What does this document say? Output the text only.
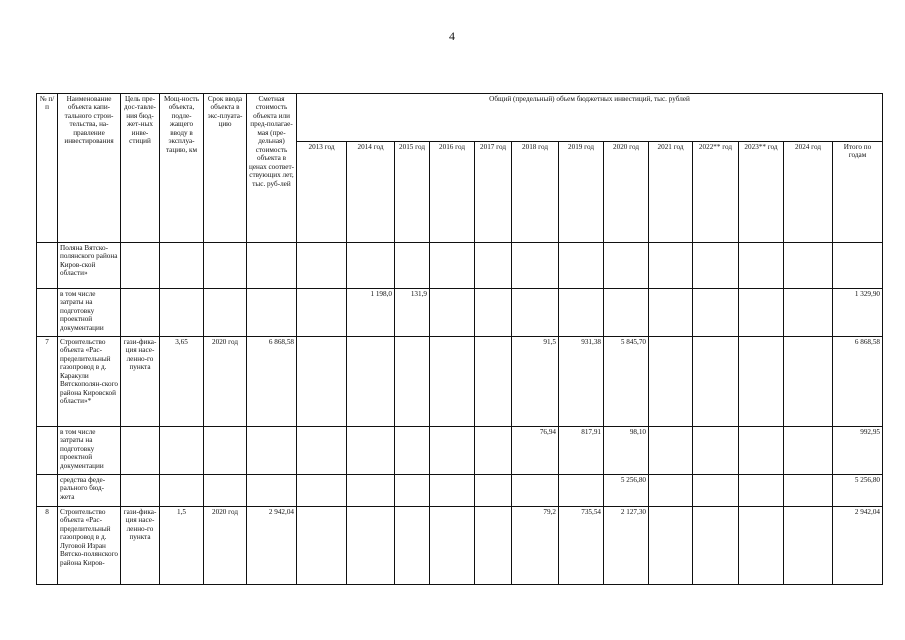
4
№ п/п	Наименование объекта капи-тального строи-тельства, на-правление инвестирования	Цель пре-дос-тавле-ния бюд-жет-ных инве-стиций	Мощ-ность объекта, подле-жащего вводу в эксплуа-тацию, км	Срок ввода объекта в экс-плуата-цию	Сметная стоимость объекта или пред-полагае-мая (пре-дельная) стоимость объекта в ценах соответ-ствующих лет, тыс. руб-лей	Общий (предельный) объем бюджетных инвестиций, тыс. рублей												
						2013 год	2014 год	2015 год	2016 год	2017 год	2018 год	2019 год	2020 год	2021 год	2022** год	2023** год	2024 год	Итого по годам
	Поляна Вятско-полянского района Киров-ской области»																	
	в том числе затраты на подготовку проектной документации						1 198,0	131,9										1 329,90
7	Строительство объекта «Рас-пределительный газопровод в д. Каракули Вятскополян-ского района Кировской области»*	гази-фика-ция насе-ленно-го пункта	3,65	2020 год	6 868,58						91,5	931,38	5 845,70					6 868,58
	в том числе затраты на подготовку проектной документации										76,94	817,91	98,10					992,95
	средства феде-рального бюд-жета												5 256,80					5 256,80
8	Строительство объекта «Рас-пределительный газопровод в д. Луговой Изран Вятско-полянского района Киров-	гази-фика-ция насе-ленно-го пункта	1,5	2020 год	2 942,04						79,2	735,54	2 127,30					2 942,04
